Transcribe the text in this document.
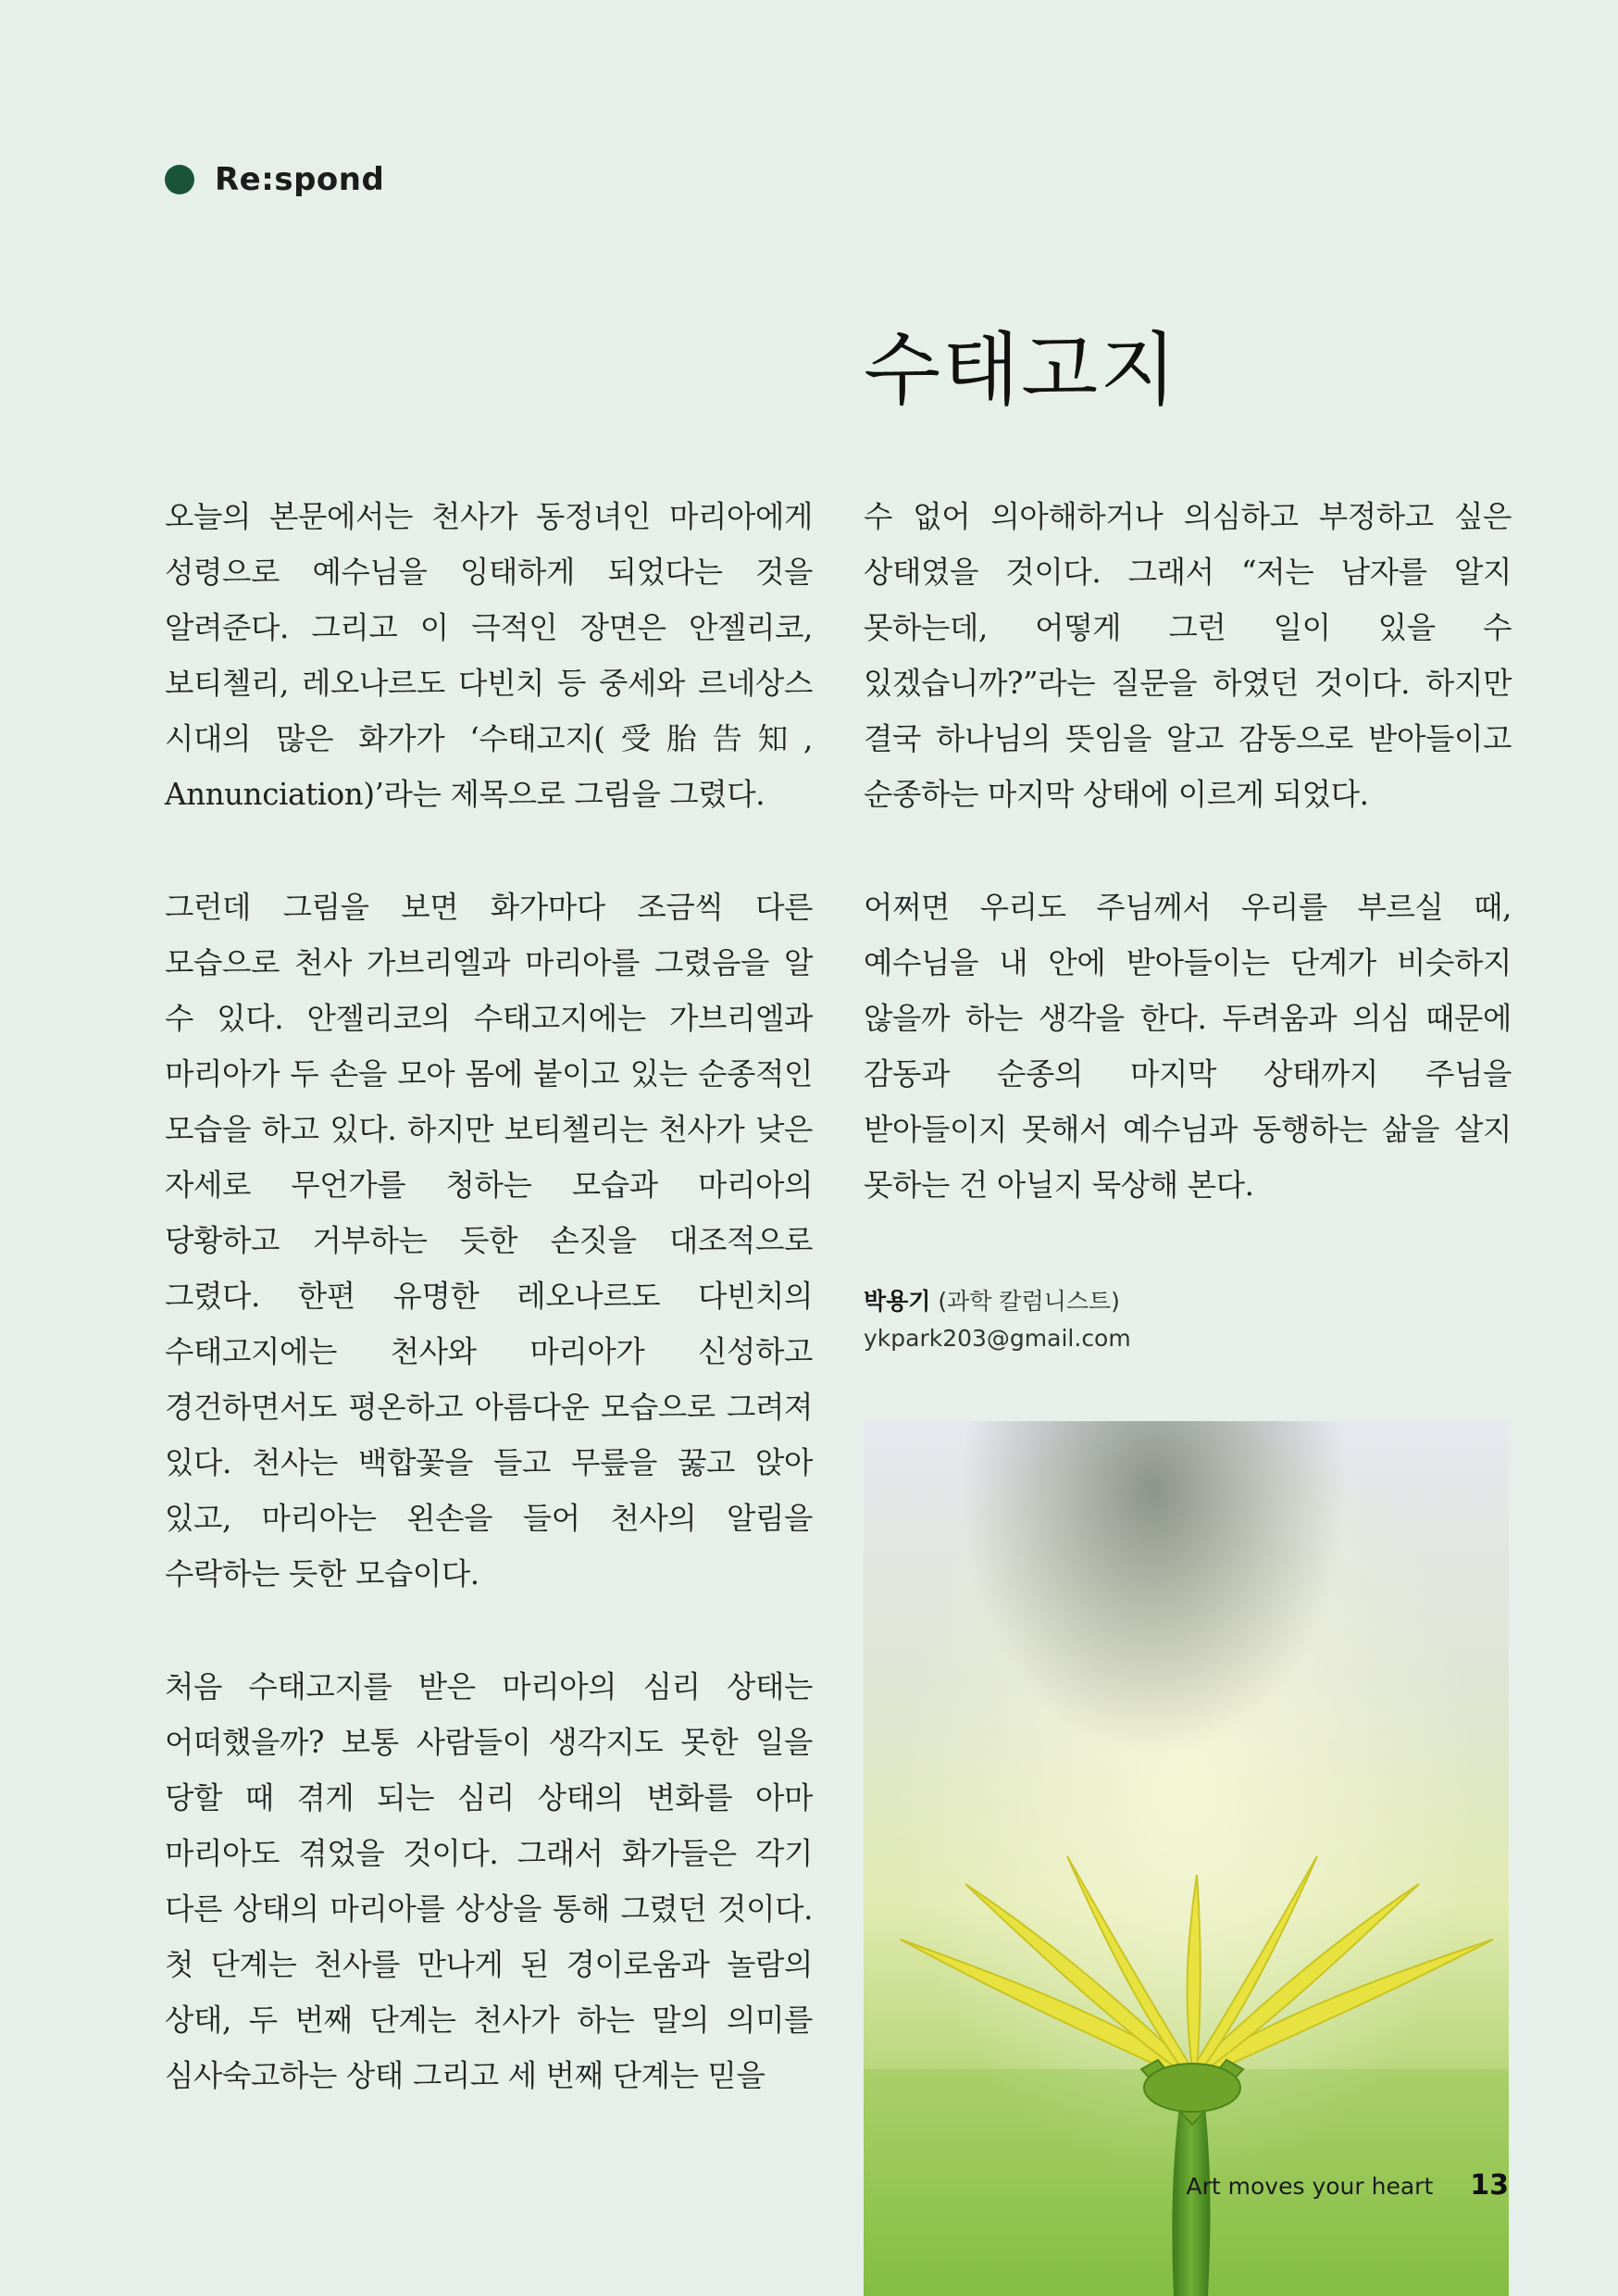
Re:spond
수태고지

오늘의 본문에서는 천사가 동정녀인 마리아에게 성령으로 예수님을 잉태하게 되었다는 것을 알려준다. 그리고 이 극적인 장면은 안젤리코, 보티첼리, 레오나르도 다빈치 등 중세와 르네상스 시대의 많은 화가가 ‘수태고지(受胎告知, Annunciation)’라는 제목으로 그림을 그렸다.

그런데 그림을 보면 화가마다 조금씩 다른 모습으로 천사 가브리엘과 마리아를 그렸음을 알 수 있다. 안젤리코의 수태고지에는 가브리엘과 마리아가 두 손을 모아 몸에 붙이고 있는 순종적인 모습을 하고 있다. 하지만 보티첼리는 천사가 낮은 자세로 무언가를 청하는 모습과 마리아의 당황하고 거부하는 듯한 손짓을 대조적으로 그렸다. 한편 유명한 레오나르도 다빈치의 수태고지에는 천사와 마리아가 신성하고 경건하면서도 평온하고 아름다운 모습으로 그려져 있다. 천사는 백합꽃을 들고 무릎을 꿇고 앉아 있고, 마리아는 왼손을 들어 천사의 알림을 수락하는 듯한 모습이다.

처음 수태고지를 받은 마리아의 심리 상태는 어떠했을까? 보통 사람들이 생각지도 못한 일을 당할 때 겪게 되는 심리 상태의 변화를 아마 마리아도 겪었을 것이다. 그래서 화가들은 각기 다른 상태의 마리아를 상상을 통해 그렸던 것이다. 첫 단계는 천사를 만나게 된 경이로움과 놀람의 상태, 두 번째 단계는 천사가 하는 말의 의미를 심사숙고하는 상태 그리고 세 번째 단계는 믿을

수 없어 의아해하거나 의심하고 부정하고 싶은 상태였을 것이다. 그래서 “저는 남자를 알지 못하는데, 어떻게 그런 일이 있을 수 있겠습니까?”라는 질문을 하였던 것이다. 하지만 결국 하나님의 뜻임을 알고 감동으로 받아들이고 순종하는 마지막 상태에 이르게 되었다.

어쩌면 우리도 주님께서 우리를 부르실 때, 예수님을 내 안에 받아들이는 단계가 비슷하지 않을까 하는 생각을 한다. 두려움과 의심 때문에 감동과 순종의 마지막 상태까지 주님을 받아들이지 못해서 예수님과 동행하는 삶을 살지 못하는 건 아닐지 묵상해 본다.

박용기 (과학 칼럼니스트)
ykpark203@gmail.com
Art moves your heart 13
